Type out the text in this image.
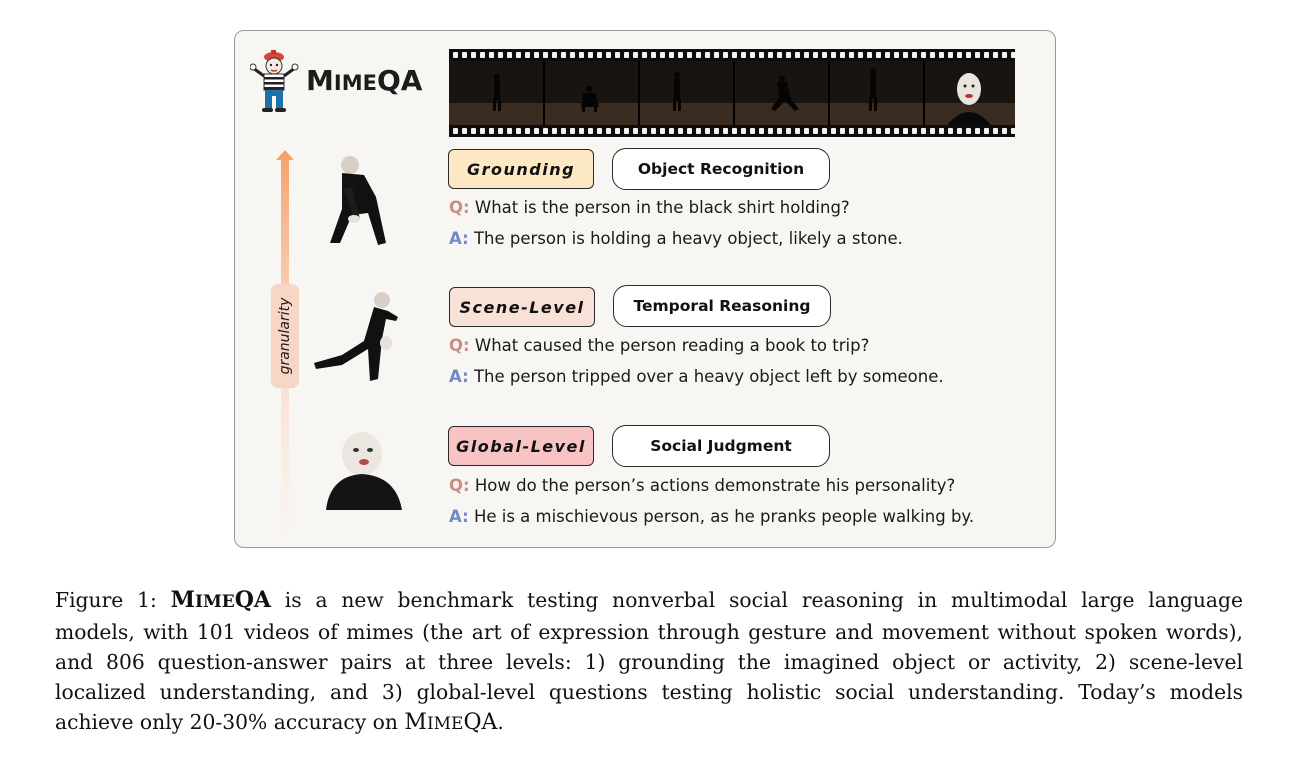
MIMEQA
granularity
Grounding	Object Recognition
Q: What is the person in the black shirt holding?
A: The person is holding a heavy object, likely a stone.
Scene-Level	Temporal Reasoning
Q: What caused the person reading a book to trip?
A: The person tripped over a heavy object left by someone.
Global-Level	Social Judgment
Q: How do the person’s actions demonstrate his personality?
A: He is a mischievous person, as he pranks people walking by.
Figure 1: MIMEQA is a new benchmark testing nonverbal social reasoning in multimodal large language
models, with 101 videos of mimes (the art of expression through gesture and movement without spoken words),
and 806 question-answer pairs at three levels: 1) grounding the imagined object or activity, 2) scene-level
localized understanding, and 3) global-level questions testing holistic social understanding. Today’s models
achieve only 20-30% accuracy on MIMEQA.
